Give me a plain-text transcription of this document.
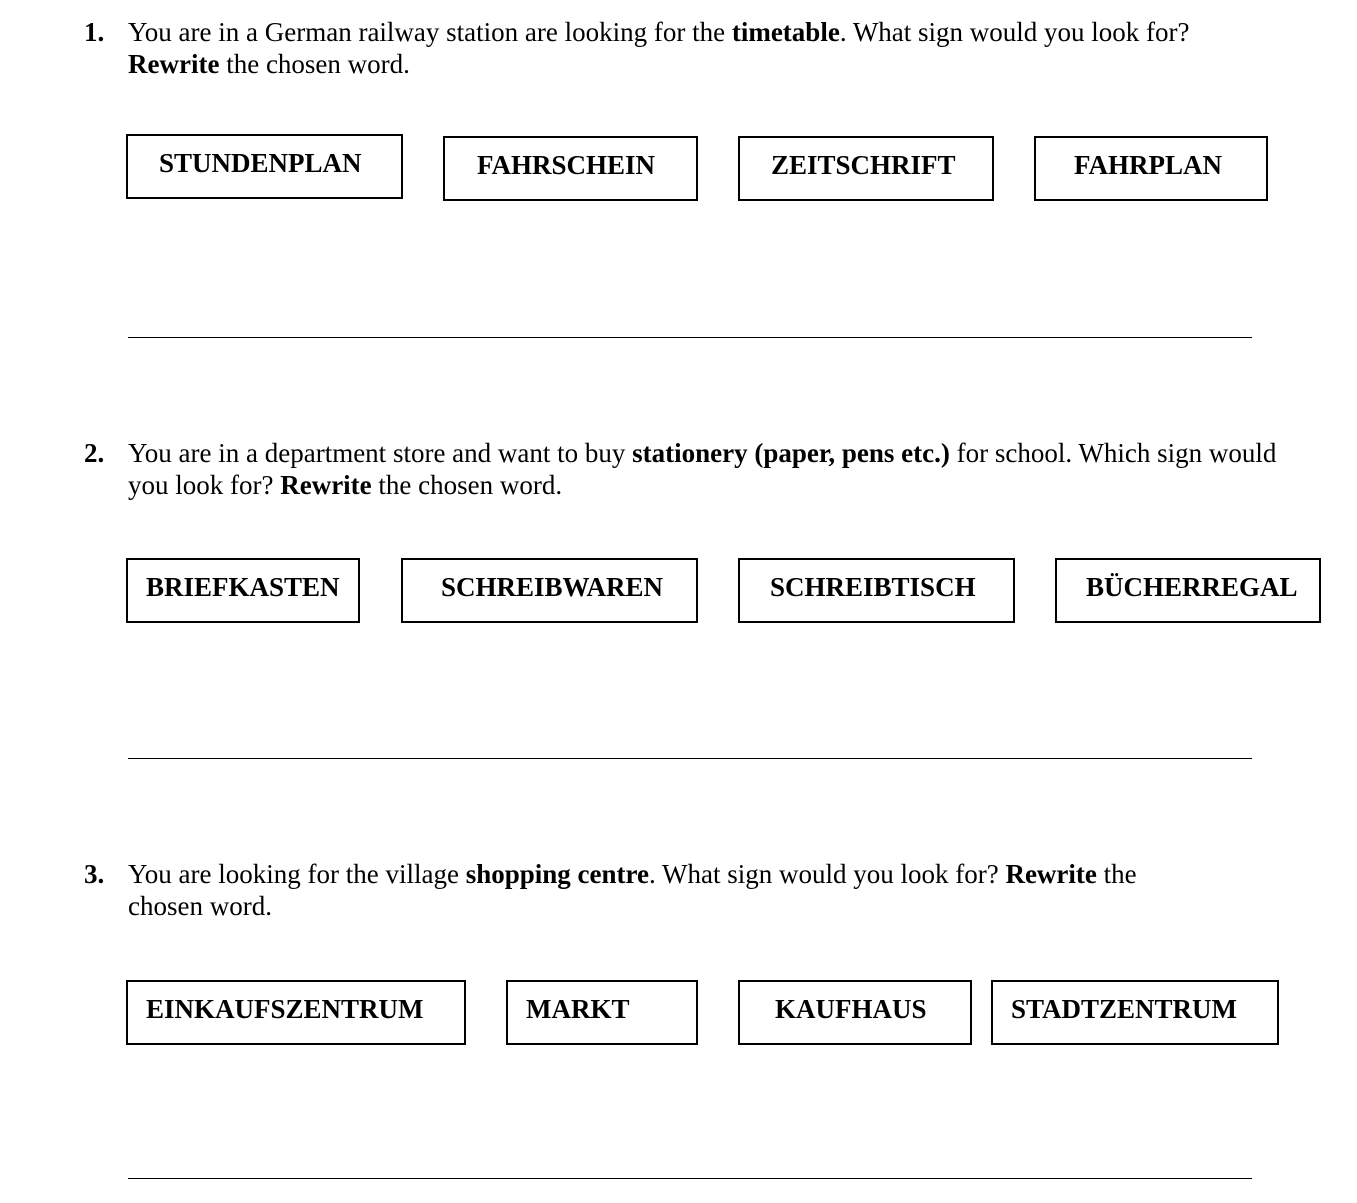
1. You are in a German railway station are looking for the timetable. What sign would you look for?
Rewrite the chosen word.
STUNDENPLAN	FAHRSCHEIN	ZEITSCHRIFT	FAHRPLAN
2. You are in a department store and want to buy stationery (paper, pens etc.) for school. Which sign would you look for? Rewrite the chosen word.
BRIEFKASTEN	SCHREIBWAREN	SCHREIBTISCH	BÜCHERREGAL
3. You are looking for the village shopping centre. What sign would you look for? Rewrite the chosen word.
EINKAUFSZENTRUM	MARKT	KAUFHAUS	STADTZENTRUM
